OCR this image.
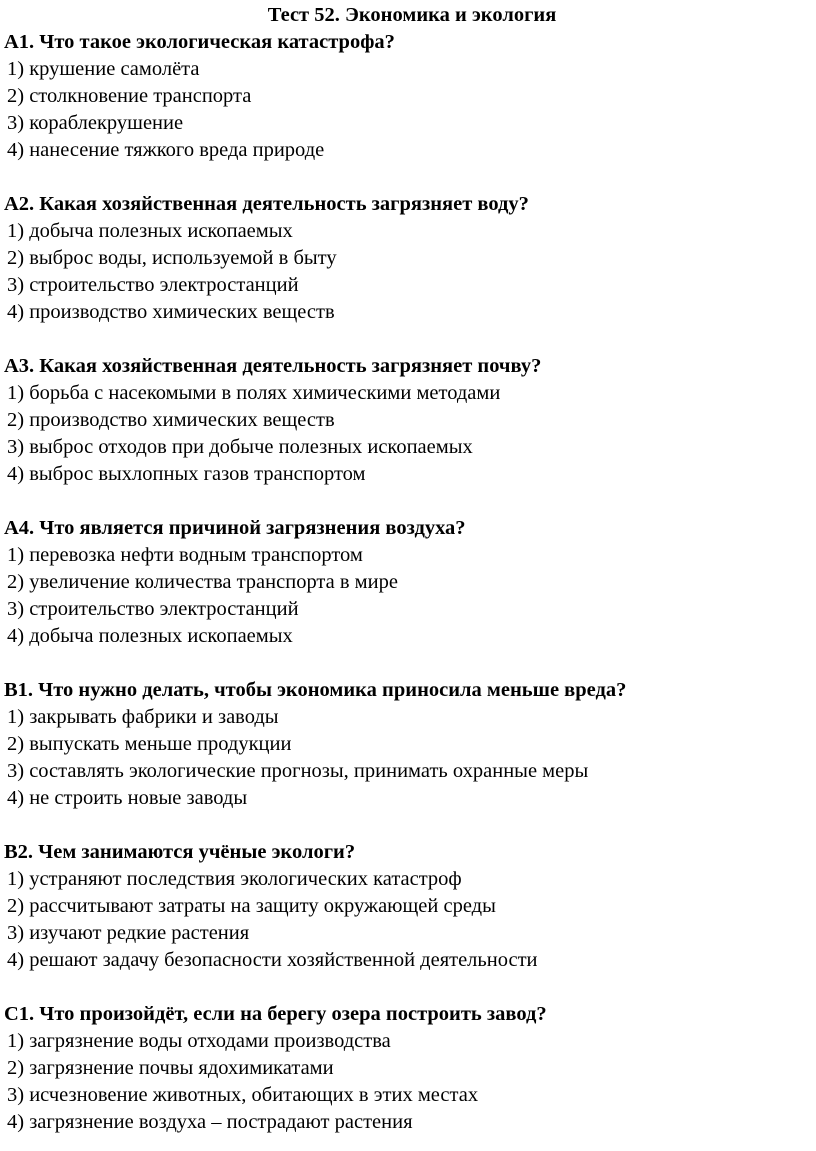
Тест 52. Экономика и экология
А1. Что такое экологическая катастрофа?
1) крушение самолёта
2) столкновение транспорта
3) кораблекрушение
4) нанесение тяжкого вреда природе
А2. Какая хозяйственная деятельность загрязняет воду?
1) добыча полезных ископаемых
2) выброс воды, используемой в быту
3) строительство электростанций
4) производство химических веществ
А3. Какая хозяйственная деятельность загрязняет почву?
1) борьба с насекомыми в полях химическими методами
2) производство химических веществ
3) выброс отходов при добыче полезных ископаемых
4) выброс выхлопных газов транспортом
А4. Что является причиной загрязнения воздуха?
1) перевозка нефти водным транспортом
2) увеличение количества транспорта в мире
3) строительство электростанций
4) добыча полезных ископаемых
В1. Что нужно делать, чтобы экономика приносила меньше вреда?
1) закрывать фабрики и заводы
2) выпускать меньше продукции
3) составлять экологические прогнозы, принимать охранные меры
4) не строить новые заводы
В2. Чем занимаются учёные экологи?
1) устраняют последствия экологических катастроф
2) рассчитывают затраты на защиту окружающей среды
3) изучают редкие растения
4) решают задачу безопасности хозяйственной деятельности
С1. Что произойдёт, если на берегу озера построить завод?
1) загрязнение воды отходами производства
2) загрязнение почвы ядохимикатами
3) исчезновение животных, обитающих в этих местах
4) загрязнение воздуха – пострадают растения
